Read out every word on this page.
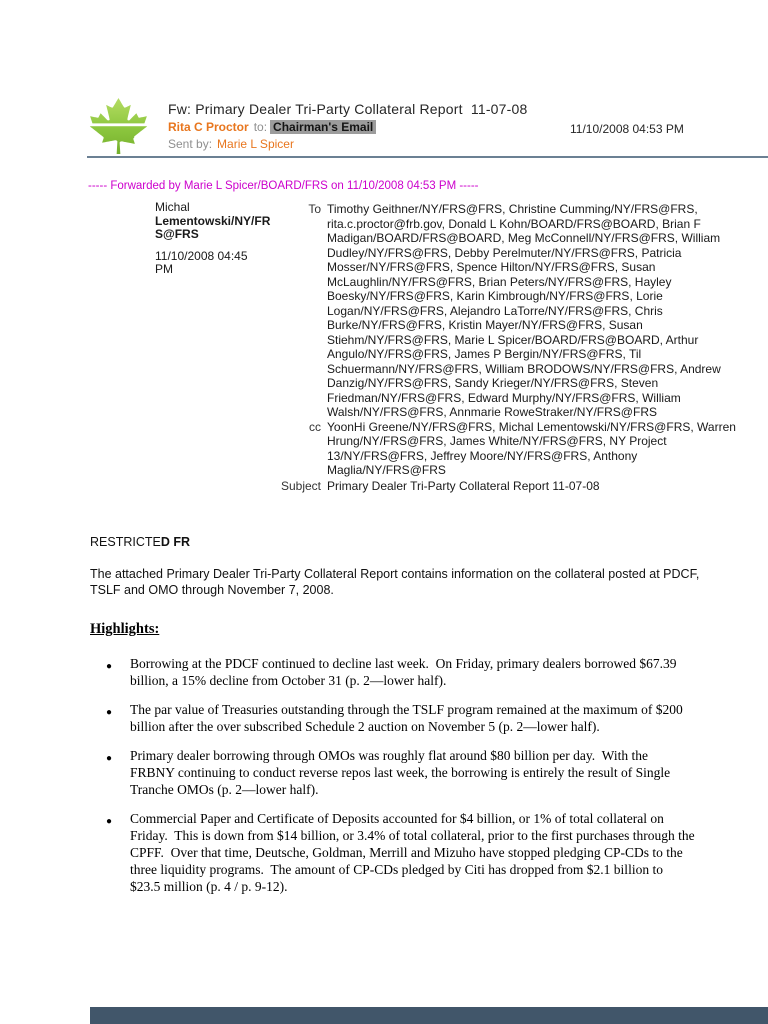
Fw: Primary Dealer Tri-Party Collateral Report  11-07-08
Rita C Proctor to: Chairman's Email	11/10/2008 04:53 PM
Sent by: Marie L Spicer
----- Forwarded by Marie L Spicer/BOARD/FRS on 11/10/2008 04:53 PM -----
Michal
Lementowski/NY/FR
S@FRS
11/10/2008 04:45
PM
To Timothy Geithner/NY/FRS@FRS, Christine Cumming/NY/FRS@FRS, rita.c.proctor@frb.gov, Donald L Kohn/BOARD/FRS@BOARD, Brian F Madigan/BOARD/FRS@BOARD, Meg McConnell/NY/FRS@FRS, William Dudley/NY/FRS@FRS, Debby Perelmuter/NY/FRS@FRS, Patricia Mosser/NY/FRS@FRS, Spence Hilton/NY/FRS@FRS, Susan McLaughlin/NY/FRS@FRS, Brian Peters/NY/FRS@FRS, Hayley Boesky/NY/FRS@FRS, Karin Kimbrough/NY/FRS@FRS, Lorie Logan/NY/FRS@FRS, Alejandro LaTorre/NY/FRS@FRS, Chris Burke/NY/FRS@FRS, Kristin Mayer/NY/FRS@FRS, Susan Stiehm/NY/FRS@FRS, Marie L Spicer/BOARD/FRS@BOARD, Arthur Angulo/NY/FRS@FRS, James P Bergin/NY/FRS@FRS, Til Schuermann/NY/FRS@FRS, William BRODOWS/NY/FRS@FRS, Andrew Danzig/NY/FRS@FRS, Sandy Krieger/NY/FRS@FRS, Steven Friedman/NY/FRS@FRS, Edward Murphy/NY/FRS@FRS, William Walsh/NY/FRS@FRS, Annmarie RoweStraker/NY/FRS@FRS
cc YoonHi Greene/NY/FRS@FRS, Michal Lementowski/NY/FRS@FRS, Warren Hrung/NY/FRS@FRS, James White/NY/FRS@FRS, NY Project 13/NY/FRS@FRS, Jeffrey Moore/NY/FRS@FRS, Anthony Maglia/NY/FRS@FRS
Subject Primary Dealer Tri-Party Collateral Report 11-07-08
RESTRICTED FR
The attached Primary Dealer Tri-Party Collateral Report contains information on the collateral posted at PDCF, TSLF and OMO through November 7, 2008.
Highlights:
● Borrowing at the PDCF continued to decline last week.  On Friday, primary dealers borrowed $67.39 billion, a 15% decline from October 31 (p. 2—lower half).
● The par value of Treasuries outstanding through the TSLF program remained at the maximum of $200 billion after the over subscribed Schedule 2 auction on November 5 (p. 2—lower half).
● Primary dealer borrowing through OMOs was roughly flat around $80 billion per day.  With the FRBNY continuing to conduct reverse repos last week, the borrowing is entirely the result of Single Tranche OMOs (p. 2—lower half).
● Commercial Paper and Certificate of Deposits accounted for $4 billion, or 1% of total collateral on Friday.  This is down from $14 billion, or 3.4% of total collateral, prior to the first purchases through the CPFF.  Over that time, Deutsche, Goldman, Merrill and Mizuho have stopped pledging CP-CDs to the three liquidity programs.  The amount of CP-CDs pledged by Citi has dropped from $2.1 billion to $23.5 million (p. 4 / p. 9-12).
